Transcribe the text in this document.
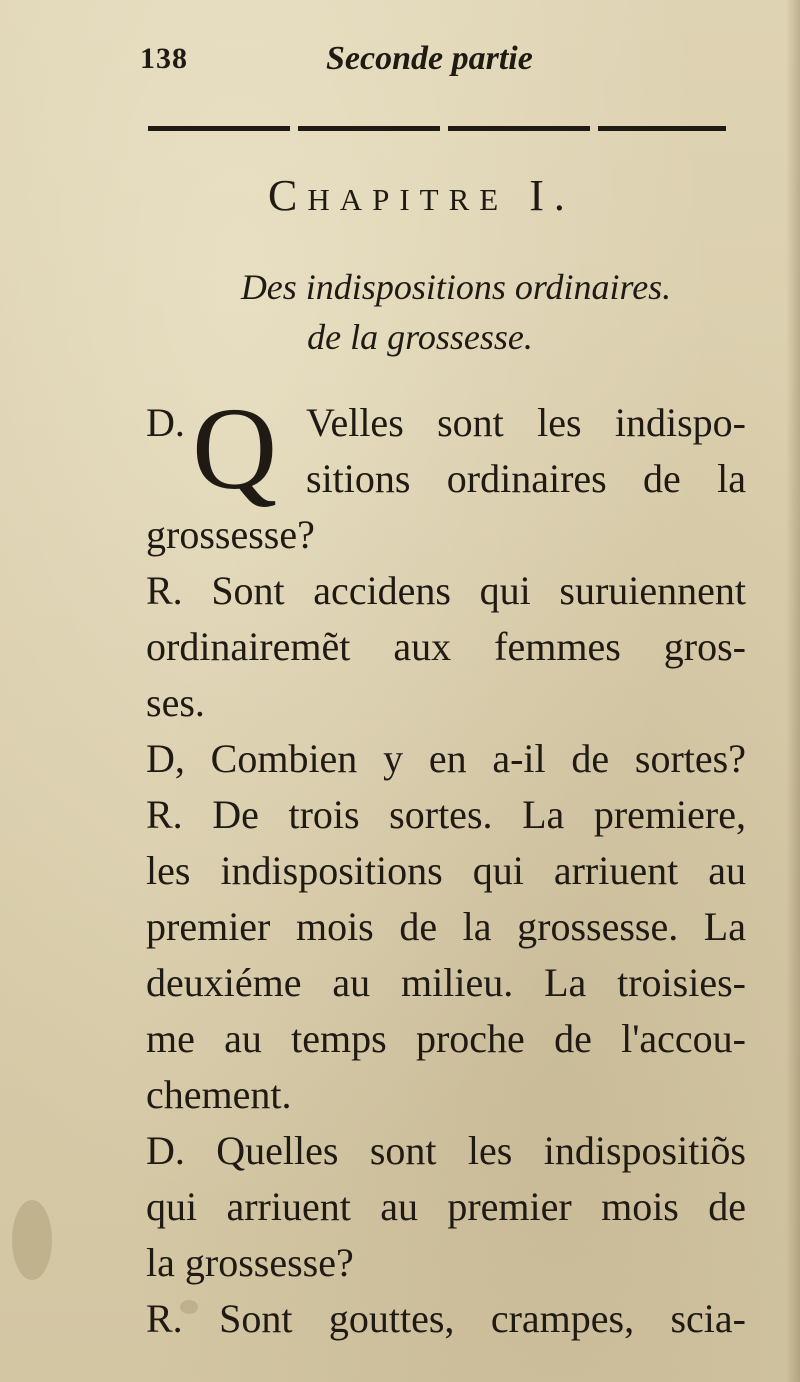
138	Seconde partie
Chapitre I.
Des indispositions ordinaires.
de la grossesse.
D. Q Velles sont les indispo-
sitions ordinaires de la
grossesse?
R. Sont accidens qui suruiennent
ordinairemẽt aux femmes gros-
ses.
D, Combien y en a-il de sortes?
R. De trois sortes. La premiere,
les indispositions qui arriuent au
premier mois de la grossesse. La
deuxiéme au milieu. La troisies-
me au temps proche de l'accou-
chement.
D. Quelles sont les indispositiõs
qui arriuent au premier mois de
la grossesse?
R. Sont gouttes, crampes, scia-
